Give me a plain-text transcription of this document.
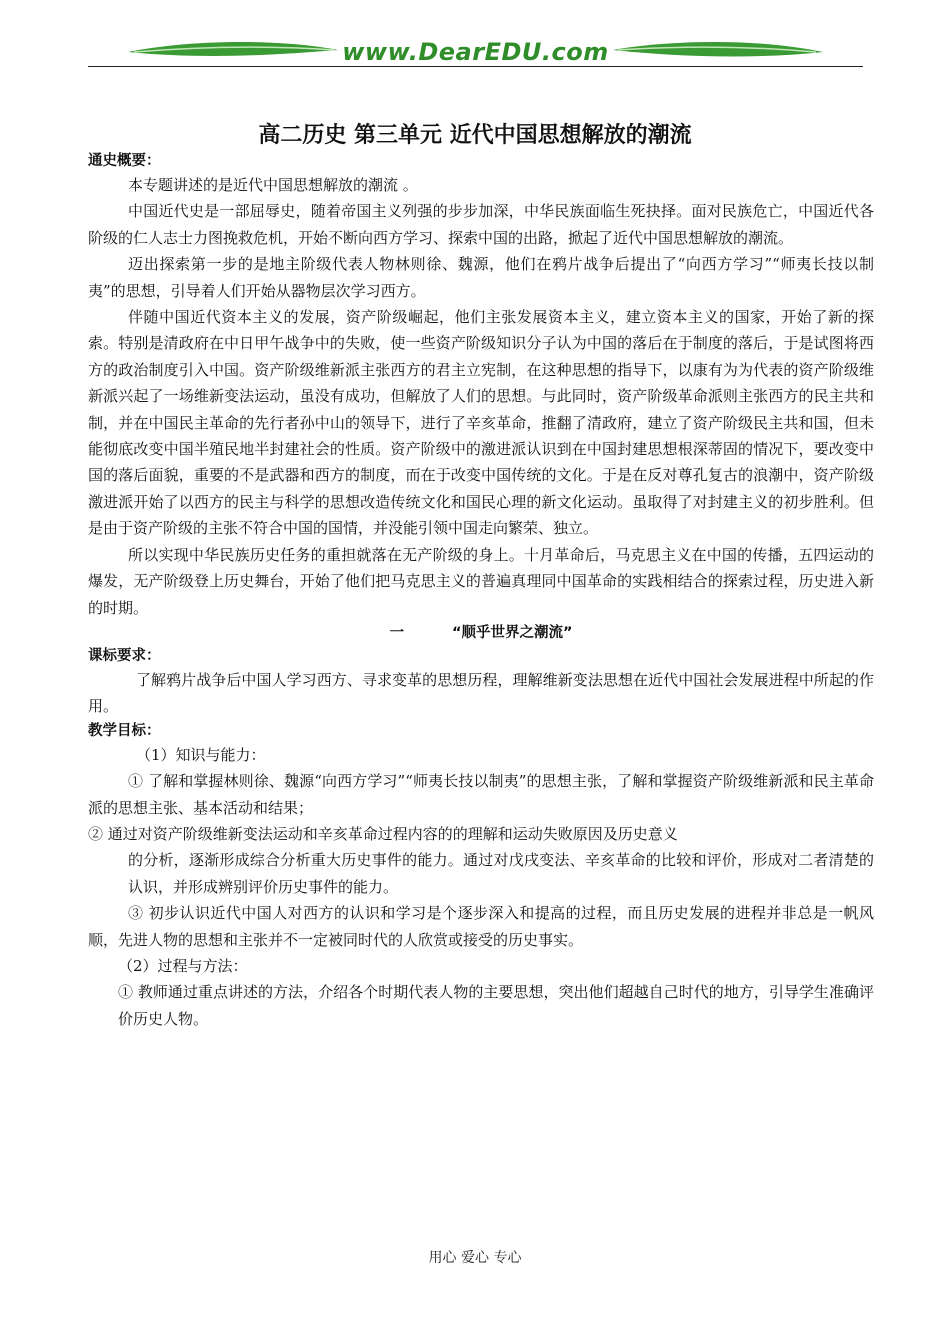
www.DearEDU.com
高二历史 第三单元 近代中国思想解放的潮流

通史概要：

本专题讲述的是近代中国思想解放的潮流 。

中国近代史是一部屈辱史，随着帝国主义列强的步步加深，中华民族面临生死抉择。面对民族危亡，中国近代各阶级的仁人志士力图挽救危机，开始不断向西方学习、探索中国的出路，掀起了近代中国思想解放的潮流。

迈出探索第一步的是地主阶级代表人物林则徐、魏源，他们在鸦片战争后提出了“向西方学习”“师夷长技以制夷”的思想，引导着人们开始从器物层次学习西方。

伴随中国近代资本主义的发展，资产阶级崛起，他们主张发展资本主义，建立资本主义的国家，开始了新的探索。特别是清政府在中日甲午战争中的失败，使一些资产阶级知识分子认为中国的落后在于制度的落后，于是试图将西方的政治制度引入中国。资产阶级维新派主张西方的君主立宪制，在这种思想的指导下，以康有为为代表的资产阶级维新派兴起了一场维新变法运动，虽没有成功，但解放了人们的思想。与此同时，资产阶级革命派则主张西方的民主共和制，并在中国民主革命的先行者孙中山的领导下，进行了辛亥革命，推翻了清政府，建立了资产阶级民主共和国，但未能彻底改变中国半殖民地半封建社会的性质。资产阶级中的激进派认识到在中国封建思想根深蒂固的情况下，要改变中国的落后面貌，重要的不是武器和西方的制度，而在于改变中国传统的文化。于是在反对尊孔复古的浪潮中，资产阶级激进派开始了以西方的民主与科学的思想改造传统文化和国民心理的新文化运动。虽取得了对封建主义的初步胜利。但是由于资产阶级的主张不符合中国的国情，并没能引领中国走向繁荣、独立。

所以实现中华民族历史任务的重担就落在无产阶级的身上。十月革命后，马克思主义在中国的传播，五四运动的爆发，无产阶级登上历史舞台，开始了他们把马克思主义的普遍真理同中国革命的实践相结合的探索过程，历史进入新的时期。

一	“顺乎世界之潮流”

课标要求：

了解鸦片战争后中国人学习西方、寻求变革的思想历程，理解维新变法思想在近代中国社会发展进程中所起的作用。

教学目标：

（1）知识与能力：

① 了解和掌握林则徐、魏源“向西方学习”“师夷长技以制夷”的思想主张，了解和掌握资产阶级维新派和民主革命派的思想主张、基本活动和结果；

② 通过对资产阶级维新变法运动和辛亥革命过程内容的的理解和运动失败原因及历史意义

的分析，逐渐形成综合分析重大历史事件的能力。通过对戊戌变法、辛亥革命的比较和评价，形成对二者清楚的认识，并形成辨别评价历史事件的能力。

③ 初步认识近代中国人对西方的认识和学习是个逐步深入和提高的过程，而且历史发展的进程并非总是一帆风顺，先进人物的思想和主张并不一定被同时代的人欣赏或接受的历史事实。

（2）过程与方法：

① 教师通过重点讲述的方法，介绍各个时期代表人物的主要思想，突出他们超越自己时代的地方，引导学生准确评价历史人物。

用心 爱心 专心
